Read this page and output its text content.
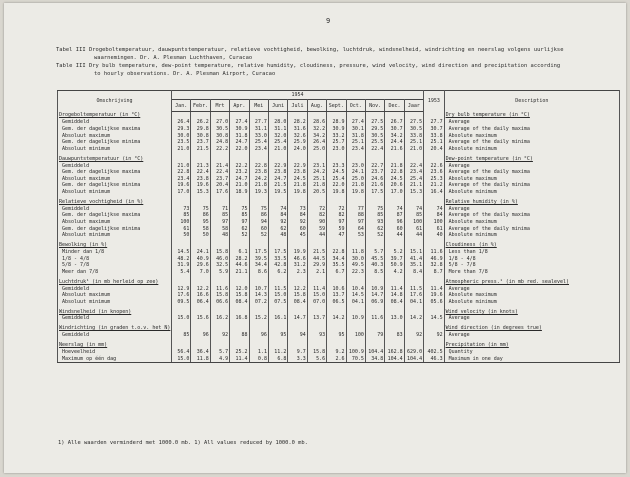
9
Tabel III Drogeboltemperatuur, dauwpuntstemperatuur, relatieve vochtigheid, bewolking, luchtdruk, windsnelheid, windrichting en neerslag volgens uurlijkse
waarnemingen. Dr. A. Plesman Luchthaven, Curacao
Table III Dry bulb temperature, dew-point temperature, relative humidity, cloudiness, pressure, wind velocity, wind direction and precipitation according
to hourly observations. Dr. A. Plesman Airport, Curacao
Omschrijving	1954													1953	Description
	Jan.	Febr.	Mrt	Apr.	Mei	Juni	Juli	Aug.	Sept.	Oct.	Nov.	Dec.	Jaar		
Drogeboltemperatuur (in °C)															Dry bulb temperature (in °C)
Gemiddeld	26.4	26.2	27.0	27.4	27.7	28.0	28.2	28.6	28.9	27.4	27.5	26.7	27.5	27.7	Average
Gem. der dagelijkse maxima	29.3	29.8	30.5	30.9	31.1	31.1	31.6	32.2	30.9	30.1	29.5	30.7	30.5	30.7	Average of the daily maxima
Absoluut maximum	30.0	30.8	30.8	31.8	33.0	32.0	32.6	34.2	33.2	31.8	30.5	34.2	33.8	33.8	Absolute maximum
Gem. der dagelijkse minima	23.5	23.7	24.8	24.7	25.4	25.4	25.9	26.4	25.7	25.1	25.5	24.4	25.1	25.1	Average of the daily minima
Absoluut minimum	21.0	21.5	22.2	22.0	23.4	21.0	24.0	25.0	23.0	23.4	22.4	21.6	21.0	20.4	Absolute minimum

Dauwpuntstemperatuur (in °C)															Dew-point temperature (in °C)
Gemiddeld	21.0	21.3	21.4	22.2	22.8	22.9	22.9	23.1	23.3	23.0	22.7	21.8	22.4	22.6	Average
Gem. der dagelijkse maxima	22.8	22.4	22.4	23.2	23.8	23.8	23.8	24.2	24.5	24.1	23.7	22.8	23.4	23.6	Average of the daily maxima
Absoluut maximum	23.4	23.8	23.7	24.7	24.2	24.7	24.5	25.1	25.4	25.0	24.6	24.5	25.4	25.3	Absolute maximum
Gem. der dagelijkse minima	19.6	19.6	20.4	21.0	21.8	21.5	21.8	21.8	22.0	21.8	21.6	20.6	21.1	21.2	Average of the daily minima
Absoluut minimum	17.0	15.3	17.6	18.9	19.3	19.5	19.8	20.5	19.8	19.8	17.5	17.0	15.3	16.4	Absolute minimum

Relatieve vochtigheid (in %)															Relative humidity (in %)
Gemiddeld	73	75	71	75	75	74	73	72	72	77	75	74	74	74	Average
Gem. der dagelijkse maxima	85	86	85	85	86	84	84	82	82	88	85	87	85	84	Average of the daily maxima
Absoluut maximum	100	95	97	97	94	92	92	90	97	97	93	96	100	100	Absolute maximum
Gem. der dagelijkse minima	61	58	58	62	60	62	60	59	59	64	62	60	61	61	Average of the daily minima
Absoluut minimum	50	50	48	52	52	48	45	44	47	53	52	44	44	40	Absolute minimum

Bewolking (in %)															Cloudiness (in %)
Minder dan 1/8	14.5	24.1	15.8	6.1	17.5	17.5	19.9	21.5	22.8	11.8	5.7	5.2	15.1	11.6	Less than 1/8
1/8 - 4/8	48.2	40.9	46.0	28.2	39.5	33.5	46.6	44.5	34.4	30.0	45.5	39.7	41.4	46.9	1/8 - 4/8
5/8 - 7/8	31.9	29.6	32.5	44.6	34.4	42.8	31.2	29.9	35.5	49.5	40.3	50.9	35.1	32.8	5/8 - 7/8
Meer dan 7/8	5.4	7.0	5.9	21.1	8.6	6.2	2.3	2.1	6.7	22.3	8.5	4.2	8.4	8.7	More than 7/8

Luchtdruk¹ (in mb herleid op zee)															Atmospheric press.¹ (in mb red. sealevel)
Gemiddeld	12.9	12.2	11.6	12.0	10.7	11.5	12.2	11.4	10.6	10.4	10.9	11.4	11.5	11.4	Average
Absoluut maximum	17.6	16.6	15.8	15.8	14.3	15.0	15.8	15.0	13.7	14.5	14.7	14.8	17.6	19.6	Absolute maximum
Absoluut minimum	09.5	06.4	06.6	08.4	07.2	07.5	08.4	07.0	06.5	04.1	06.9	08.4	04.1	05.6	Absolute minimum

Windsnelheid (in knopen)															Wind velocity (in knots)
Gemiddeld	15.0	15.6	16.2	16.8	15.2	16.1	14.7	13.7	14.2	10.9	11.6	13.0	14.2	14.5	Average

Windrichting (in graden t.o.v. het N)															Wind direction (in degrees true)
Gemiddeld	85	96	92	88	96	95	94	93	95	100	79	83	92	92	Average

Neerslag (in mm)															Precipitation (in mm)
Hoeveelheid	56.4	36.4	5.7	25.2	1.1	11.2	9.7	15.8	9.2	100.9	104.4	162.8	629.0	402.5	Quantity
Maximum op één dag	15.0	11.8	4.9	11.4	0.8	6.8	3.3	5.6	2.6	70.5	34.8	104.4	104.4	46.3	Maximum in one day
1) Alle waarden verminderd met 1000.0 mb. 1) All values reduced by 1000.0 mb.
